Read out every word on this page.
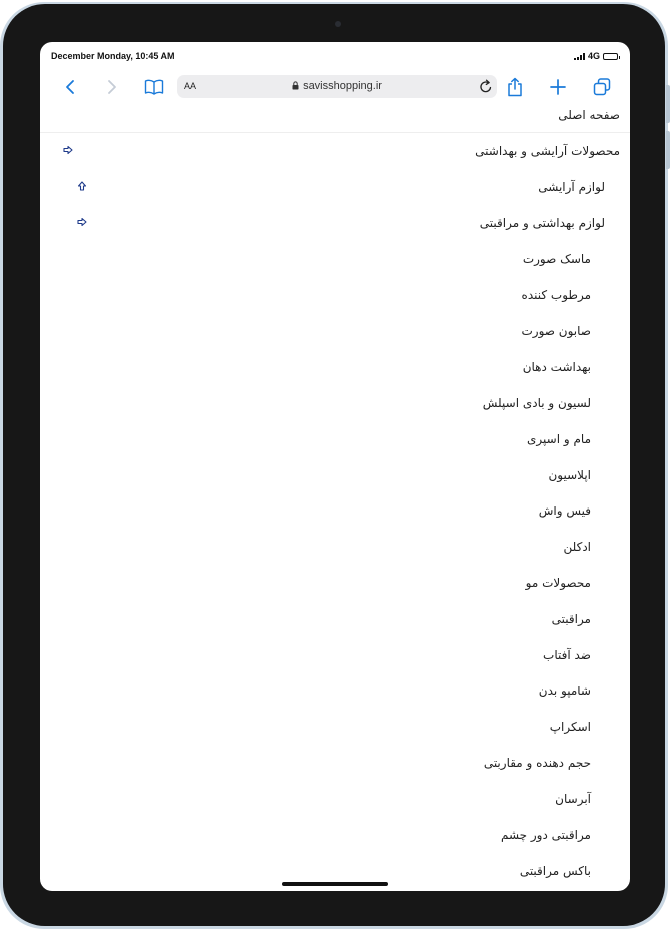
December Monday, 10:45 AM	4G
AA	savisshopping.ir
صفحه اصلی
محصولات آرایشی و بهداشتی
لوازم آرایشی
لوازم بهداشتی و مراقبتی
ماسک صورت
مرطوب کننده
صابون صورت
بهداشت دهان
لسیون و بادی اسپلش
مام و اسپری
اپلاسیون
فیس واش
ادکلن
محصولات مو
مراقبتی
ضد آفتاب
شامپو بدن
اسکراپ
حجم دهنده و مقاربتی
آبرسان
مراقبتی دور چشم
باکس مراقبتی
